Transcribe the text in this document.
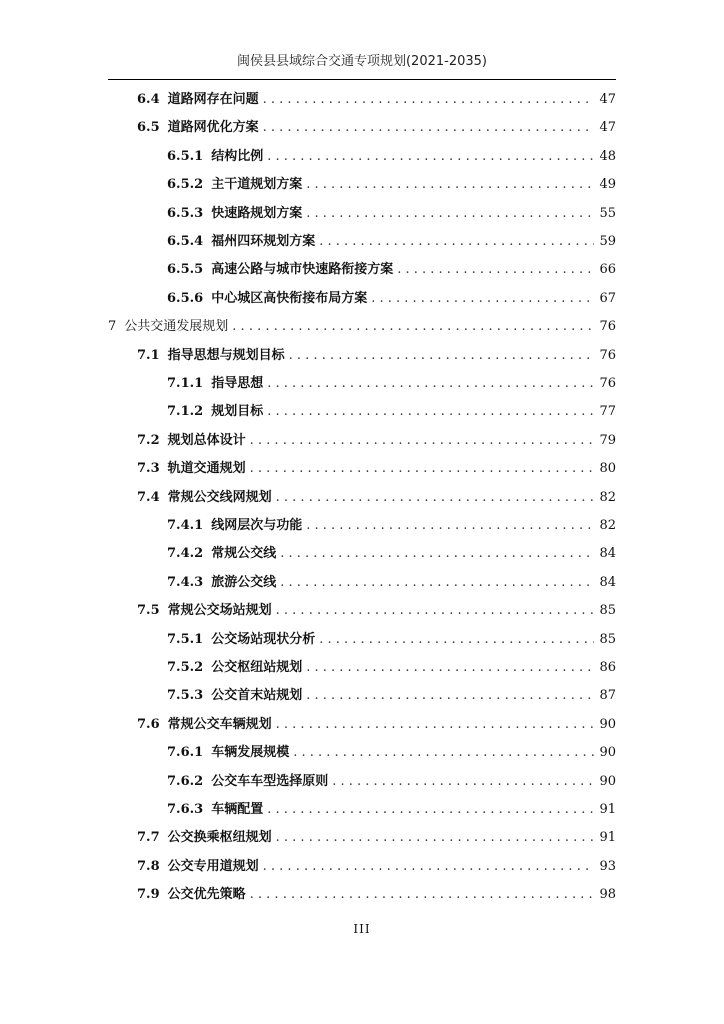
闽侯县县域综合交通专项规划(2021-2035)
6.4 道路网存在问题 . . .	47
6.5 道路网优化方案 . . .	47
6.5.1 结构比例 . . .	48
6.5.2 主干道规划方案 . . .	49
6.5.3 快速路规划方案 . . .	55
6.5.4 福州四环规划方案 . . .	59
6.5.5 高速公路与城市快速路衔接方案 . . .	66
6.5.6 中心城区高快衔接布局方案 . . .	67
7 公共交通发展规划 . . .	76
7.1 指导思想与规划目标 . . .	76
7.1.1 指导思想 . . .	76
7.1.2 规划目标 . . .	77
7.2 规划总体设计 . . .	79
7.3 轨道交通规划 . . .	80
7.4 常规公交线网规划 . . .	82
7.4.1 线网层次与功能 . . .	82
7.4.2 常规公交线 . . .	84
7.4.3 旅游公交线 . . .	84
7.5 常规公交场站规划 . . .	85
7.5.1 公交场站现状分析 . . .	85
7.5.2 公交枢纽站规划 . . .	86
7.5.3 公交首末站规划 . . .	87
7.6 常规公交车辆规划 . . .	90
7.6.1 车辆发展规模 . . .	90
7.6.2 公交车车型选择原则 . . .	90
7.6.3 车辆配置 . . .	91
7.7 公交换乘枢纽规划 . . .	91
7.8 公交专用道规划 . . .	93
7.9 公交优先策略 . . .	98
III
